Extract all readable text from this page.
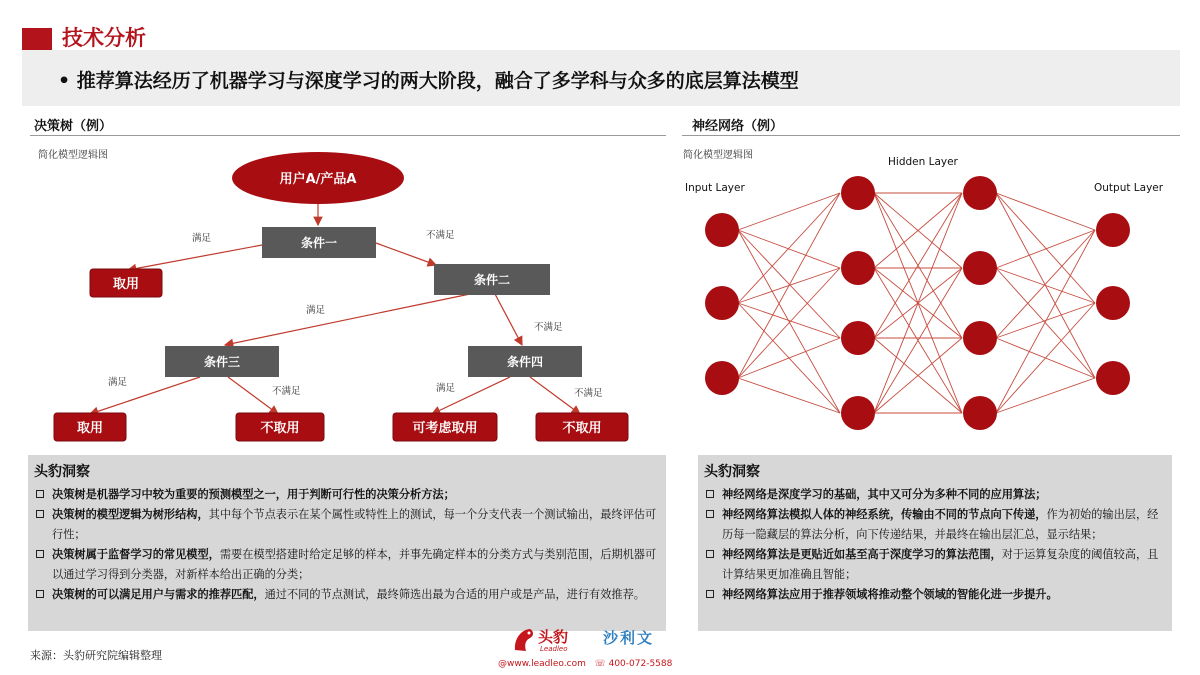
技术分析
• 推荐算法经历了机器学习与深度学习的两大阶段，融合了多学科与众多的底层算法模型
决策树（例）
简化模型逻辑图
用户A/产品A
条件一
条件二
条件三	条件四
取用
取用	不取用	可考虑取用	不取用
满足	不满足
满足
不满足
满足
不满足	满足	不满足
神经网络（例）
简化模型逻辑图
Input Layer
Hidden Layer
Output Layer
头豹洞察
决策树是机器学习中较为重要的预测模型之一，用于判断可行性的决策分析方法；
决策树的模型逻辑为树形结构，其中每个节点表示在某个属性或特性上的测试，每一个分支代表一个测试输出，最终评估可行性；
决策树属于监督学习的常见模型，需要在模型搭建时给定足够的样本，并事先确定样本的分类方式与类别范围，后期机器可以通过学习得到分类器，对新样本给出正确的分类；
决策树的可以满足用户与需求的推荐匹配，通过不同的节点测试，最终筛选出最为合适的用户或是产品，进行有效推荐。
头豹洞察
神经网络是深度学习的基础，其中又可分为多种不同的应用算法；
神经网络算法模拟人体的神经系统，传输由不同的节点向下传递，作为初始的输出层，经历每一隐藏层的算法分析，向下传递结果，并最终在输出层汇总，显示结果；
神经网络算法是更贴近如基至高于深度学习的算法范围，对于运算复杂度的阈值较高，且计算结果更加准确且智能；
神经网络算法应用于推荐领域将推动整个领域的智能化进一步提升。
来源：头豹研究院编辑整理
头豹
Leadleo
沙利文
@www.leadleo.com ☏ 400-072-5588
